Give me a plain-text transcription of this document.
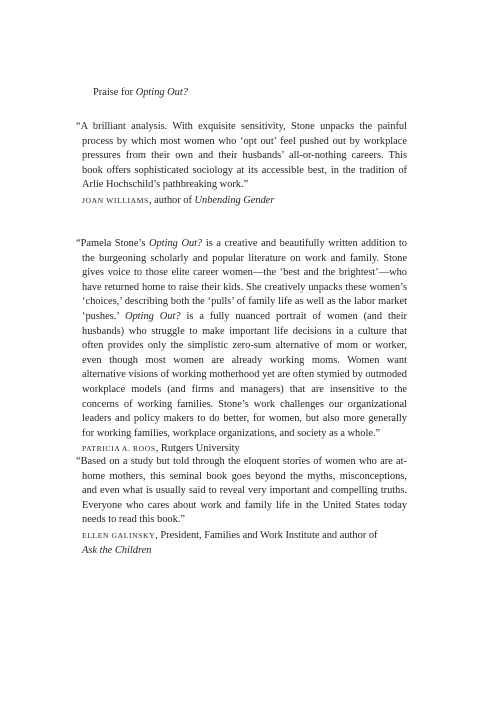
Praise for Opting Out?

“A brilliant analysis. With exquisite sensitivity, Stone unpacks the painful process by which most women who ‘opt out’ feel pushed out by workplace pressures from their own and their husbands’ all-or-nothing careers. This book offers sophisticated sociology at its accessible best, in the tradition of Arlie Hochschild’s pathbreaking work.”

JOAN WILLIAMS, author of Unbending Gender

“Pamela Stone’s Opting Out? is a creative and beautifully written addition to the burgeoning scholarly and popular literature on work and family. Stone gives voice to those elite career women—the ‘best and the brightest’—who have returned home to raise their kids. She creatively unpacks these women’s ‘choices,’ describing both the ‘pulls’ of family life as well as the labor market ‘pushes.’ Opting Out? is a fully nuanced portrait of women (and their husbands) who struggle to make important life decisions in a culture that often provides only the simplistic zero-sum alternative of mom or worker, even though most women are already working moms. Women want alternative visions of working motherhood yet are often stymied by outmoded workplace models (and firms and managers) that are insensitive to the concerns of working families. Stone’s work challenges our organizational leaders and policy makers to do better, for women, but also more generally for working families, workplace organizations, and society as a whole.”

PATRICIA A. ROOS, Rutgers University

“Based on a study but told through the eloquent stories of women who are at-home mothers, this seminal book goes beyond the myths, misconceptions, and even what is usually said to reveal very important and compelling truths. Everyone who cares about work and family life in the United States today needs to read this book.”

ELLEN GALINSKY, President, Families and Work Institute and author of
Ask the Children
